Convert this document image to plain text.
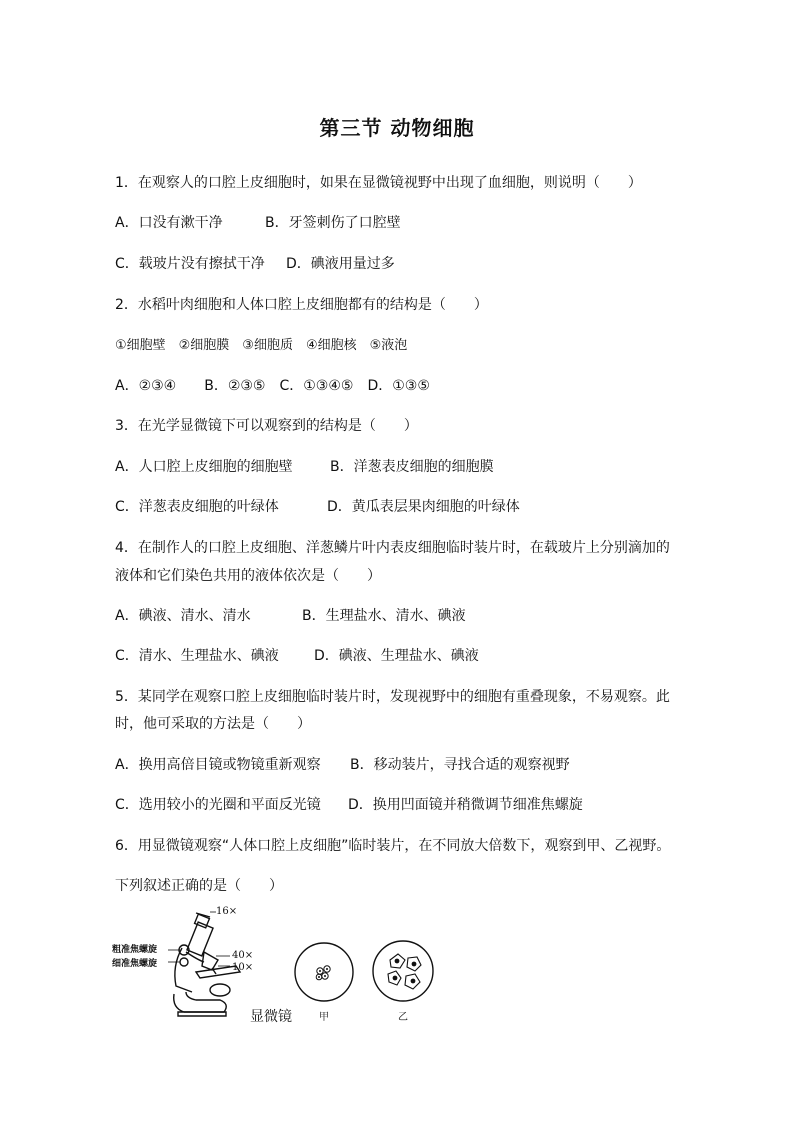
第三节 动物细胞
1．在观察人的口腔上皮细胞时，如果在显微镜视野中出现了血细胞，则说明（　　）
A．口没有漱干净	B．牙签刺伤了口腔壁
C．载玻片没有擦拭干净 D．碘液用量过多
2．水稻叶肉细胞和人体口腔上皮细胞都有的结构是（　　）
①细胞壁　②细胞膜　③细胞质　④细胞核　⑤液泡
A．②③④　　B．②③⑤　C．①③④⑤　D．①③⑤
3．在光学显微镜下可以观察到的结构是（　　）
A．人口腔上皮细胞的细胞壁	B．洋葱表皮细胞的细胞膜
C．洋葱表皮细胞的叶绿体	D．黄瓜表层果肉细胞的叶绿体
4．在制作人的口腔上皮细胞、洋葱鳞片叶内表皮细胞临时装片时，在载玻片上分别滴加的
液体和它们染色共用的液体依次是（　　）
A．碘液、清水、清水	B．生理盐水、清水、碘液
C．清水、生理盐水、碘液	D．碘液、生理盐水、碘液
5．某同学在观察口腔上皮细胞临时装片时，发现视野中的细胞有重叠现象，不易观察。此
时，他可采取的方法是（　　）
A．换用高倍目镜或物镜重新观察 B．移动装片，寻找合适的观察视野
C．选用较小的光圈和平面反光镜 D．换用凹面镜并稍微调节细准焦螺旋
6．用显微镜观察“人体口腔上皮细胞”临时装片，在不同放大倍数下，观察到甲、乙视野。
下列叙述正确的是（　　）
16×
粗准焦螺旋
细准焦螺旋
40×
10×
显微镜	甲	乙
